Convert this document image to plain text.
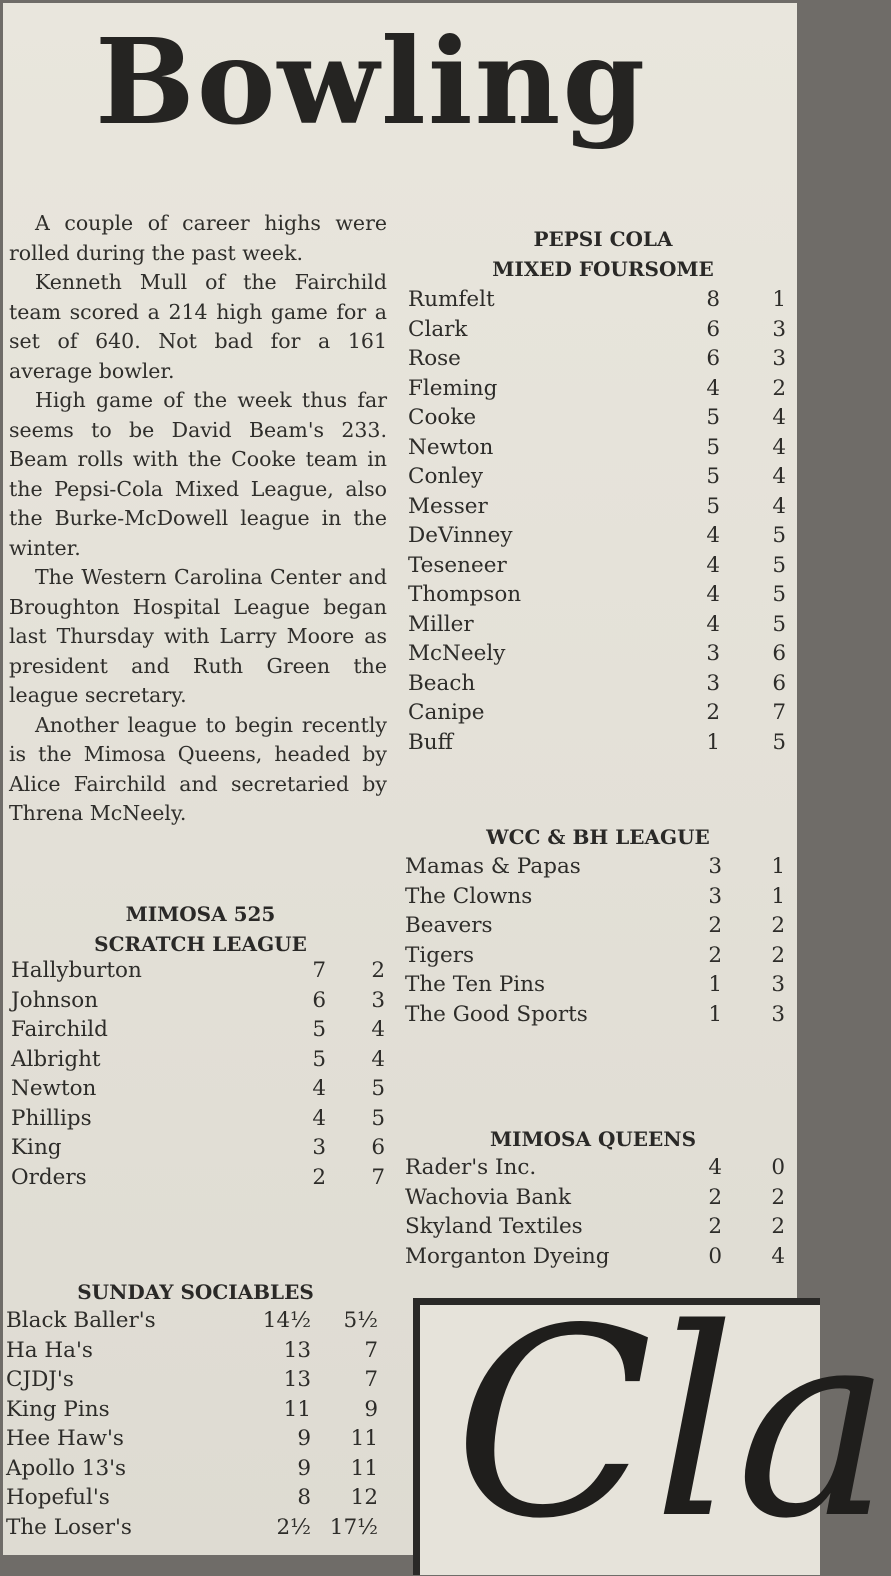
Bowling

A couple of career highs were rolled during the past week.

Kenneth Mull of the Fairchild team scored a 214 high game for a set of 640. Not bad for a 161 average bowler.

High game of the week thus far seems to be David Beam's 233. Beam rolls with the Cooke team in the Pepsi-Cola Mixed League, also the Burke-McDowell league in the winter.

The Western Carolina Center and Broughton Hospital League began last Thursday with Larry Moore as president and Ruth Green the league secretary.

Another league to begin recently is the Mimosa Queens, headed by Alice Fairchild and secretaried by Threna McNeely.

PEPSI COLA
MIXED FOURSOME
Rumfelt	8	1
Clark	6	3
Rose	6	3
Fleming	4	2
Cooke	5	4
Newton	5	4
Conley	5	4
Messer	5	4
DeVinney	4	5
Teseneer	4	5
Thompson	4	5
Miller	4	5
McNeely	3	6
Beach	3	6
Canipe	2	7
Buff	1	5
WCC & BH LEAGUE
Mamas & Papas	3	1
The Clowns	3	1
Beavers	2	2
Tigers	2	2
The Ten Pins	1	3
The Good Sports	1	3
MIMOSA 525
SCRATCH LEAGUE
Hallyburton	7	2
Johnson	6	3
Fairchild	5	4
Albright	5	4
Newton	4	5
Phillips	4	5
King	3	6
Orders	2	7
MIMOSA QUEENS
Rader's Inc.	4	0
Wachovia Bank	2	2
Skyland Textiles	2	2
Morganton Dyeing	0	4
SUNDAY SOCIABLES
Black Baller's	14½	5½
Ha Ha's	13	7
CJDJ's	13	7
King Pins	11	9
Hee Haw's	9	11
Apollo 13's	9	11
Hopeful's	8	12
The Loser's	2½ 17½ Cla
